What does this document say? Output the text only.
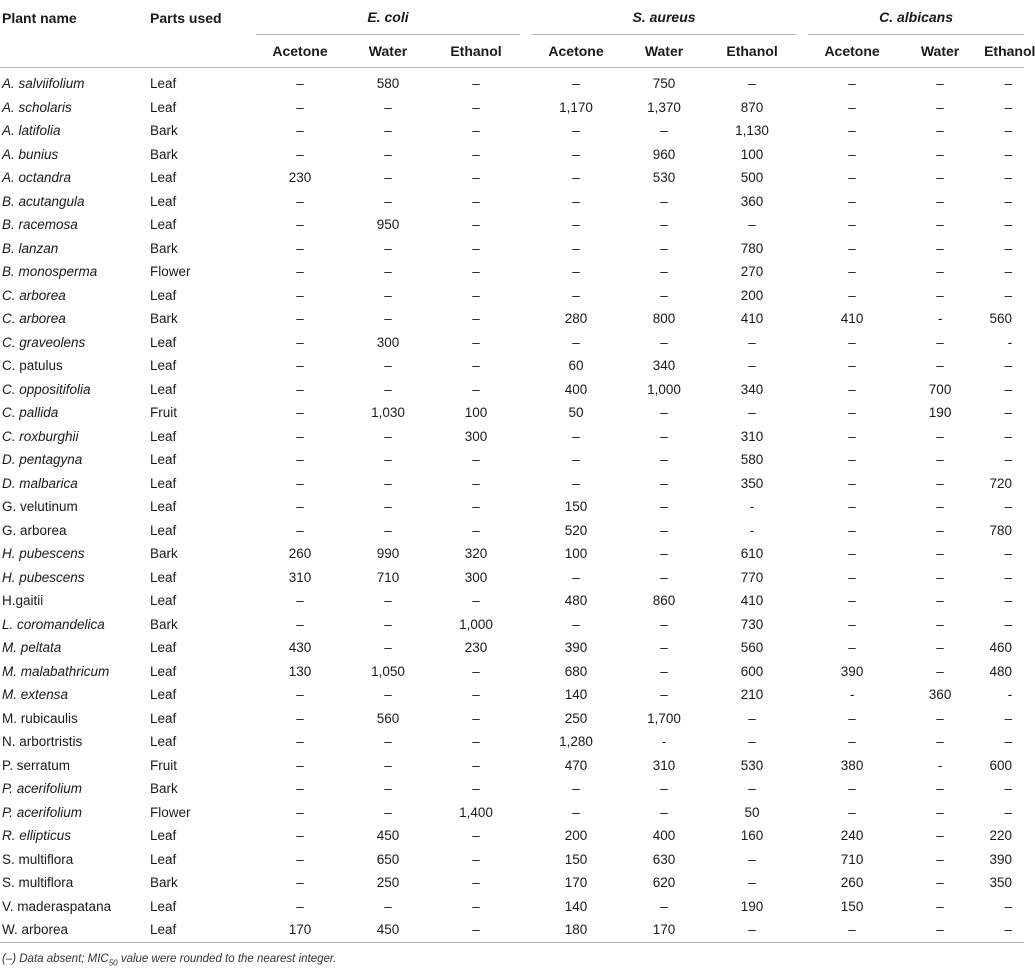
Plant name	Parts used	E. coli				S. aureus				C. albicans		
		Acetone	Water	Ethanol		Acetone	Water	Ethanol		Acetone	Water	Ethanol
A. salviifolium	Leaf	–	580	–		–	750	–		–	–	–
A. scholaris	Leaf	–	–	–		1,170	1,370	870		–	–	–
A. latifolia	Bark	–	–	–		–	–	1,130		–	–	–
A. bunius	Bark	–	–	–		–	960	100		–	–	–
A. octandra	Leaf	230	–	–		–	530	500		–	–	–
B. acutangula	Leaf	–	–	–		–	–	360		–	–	–
B. racemosa	Leaf	–	950	–		–	–	–		–	–	–
B. lanzan	Bark	–	–	–		–	–	780		–	–	–
B. monosperma	Flower	–	–	–		–	–	270		–	–	–
C. arborea	Leaf	–	–	–		–	–	200		–	–	–
C. arborea	Bark	–	–	–		280	800	410		410	-	560
C. graveolens	Leaf	–	300	–		–	–	–		–	–	-
C. patulus	Leaf	–	–	–		60	340	–		–	–	–
C. oppositifolia	Leaf	–	–	–		400	1,000	340		–	700	–
C. pallida	Fruit	–	1,030	100		50	–	–		–	190	–
C. roxburghii	Leaf	–	–	300		–	–	310		–	–	–
D. pentagyna	Leaf	–	–	–		–	–	580		–	–	–
D. malbarica	Leaf	–	–	–		–	–	350		–	–	720
G. velutinum	Leaf	–	–	–		150	–	-		–	–	–
G. arborea	Leaf	–	–	–		520	–	-		–	–	780
H. pubescens	Bark	260	990	320		100	–	610		–	–	–
H. pubescens	Leaf	310	710	300		–	–	770		–	–	–
H.gaitii	Leaf	–	–	–		480	860	410		–	–	–
L. coromandelica	Bark	–	–	1,000		–	–	730		–	–	–
M. peltata	Leaf	430	–	230		390	–	560		–	–	460
M. malabathricum	Leaf	130	1,050	–		680	–	600		390	–	480
M. extensa	Leaf	–	–	–		140	–	210		-	360	-
M. rubicaulis	Leaf	–	560	–		250	1,700	–		–	–	–
N. arbortristis	Leaf	–	–	–		1,280	-	–		–	–	–
P. serratum	Fruit	–	–	–		470	310	530		380	-	600
P. acerifolium	Bark	–	–	–		–	–	–		–	–	–
P. acerifolium	Flower	–	–	1,400		–	–	50		–	–	–
R. ellipticus	Leaf	–	450	–		200	400	160		240	–	220
S. multiflora	Leaf	–	650	–		150	630	–		710	–	390
S. multiflora	Bark	–	250	–		170	620	–		260	–	350
V. maderaspatana	Leaf	–	–	–		140	–	190		150	–	–
W. arborea	Leaf	170	450	–		180	170	–		–	–	–
(–) Data absent; $MIC_{50}$ value were rounded to the nearest integer.
